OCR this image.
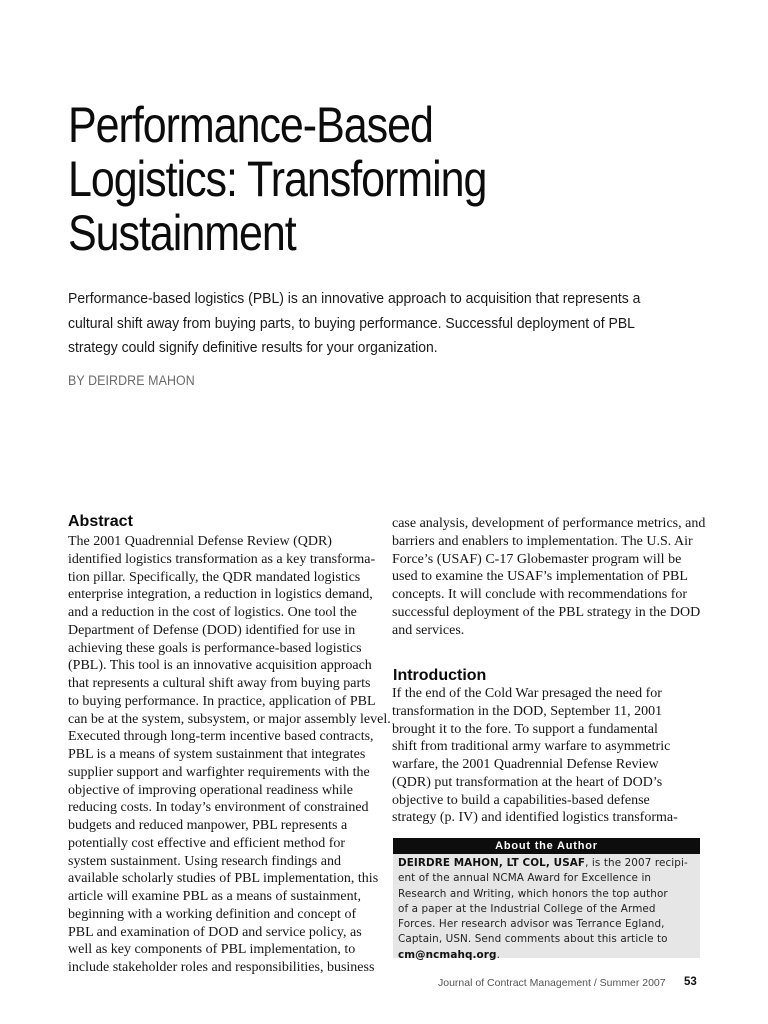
Performance-Based
Logistics: Transforming
Sustainment
Performance-based logistics (PBL) is an innovative approach to acquisition that represents a
cultural shift away from buying parts, to buying performance. Successful deployment of PBL
strategy could signify definitive results for your organization.
BY DEIRDRE MAHON
Abstract
The 2001 Quadrennial Defense Review (QDR)
identified logistics transformation as a key transforma-
tion pillar. Specifically, the QDR mandated logistics
enterprise integration, a reduction in logistics demand,
and a reduction in the cost of logistics. One tool the
Department of Defense (DOD) identified for use in
achieving these goals is performance-based logistics
(PBL). This tool is an innovative acquisition approach
that represents a cultural shift away from buying parts
to buying performance. In practice, application of PBL
can be at the system, subsystem, or major assembly level.
Executed through long-term incentive based contracts,
PBL is a means of system sustainment that integrates
supplier support and warfighter requirements with the
objective of improving operational readiness while
reducing costs. In today’s environment of constrained
budgets and reduced manpower, PBL represents a
potentially cost effective and efficient method for
system sustainment. Using research findings and
available scholarly studies of PBL implementation, this
article will examine PBL as a means of sustainment,
beginning with a working definition and concept of
PBL and examination of DOD and service policy, as
well as key components of PBL implementation, to
include stakeholder roles and responsibilities, business
case analysis, development of performance metrics, and
barriers and enablers to implementation. The U.S. Air
Force’s (USAF) C-17 Globemaster program will be
used to examine the USAF’s implementation of PBL
concepts. It will conclude with recommendations for
successful deployment of the PBL strategy in the DOD
and services.
Introduction
If the end of the Cold War presaged the need for
transformation in the DOD, September 11, 2001
brought it to the fore. To support a fundamental
shift from traditional army warfare to asymmetric
warfare, the 2001 Quadrennial Defense Review
(QDR) put transformation at the heart of DOD’s
objective to build a capabilities-based defense
strategy (p. IV) and identified logistics transforma-
About the Author
DEIRDRE MAHON, LT COL, USAF, is the 2007 recipi-
ent of the annual NCMA Award for Excellence in
Research and Writing, which honors the top author
of a paper at the Industrial College of the Armed
Forces. Her research advisor was Terrance Egland,
Captain, USN. Send comments about this article to
cm@ncmahq.org.
Journal of Contract Management / Summer 2007 53
